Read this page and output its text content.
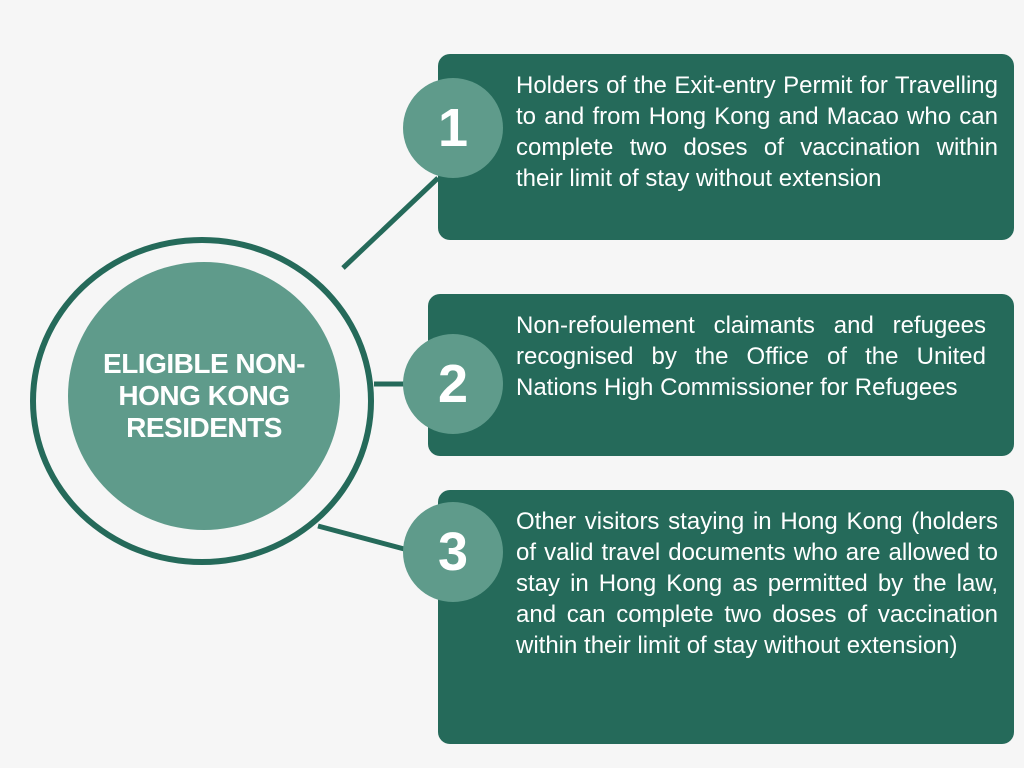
ELIGIBLE NON-HONG KONG RESIDENTS
Holders of the Exit-entry Permit for Travelling to and from Hong Kong and Macao who can complete two doses of vaccination within their limit of stay without extension
1
Non-refoulement claimants and refugees recognised by the Office of the United Nations High Commissioner for Refugees
2
Other visitors staying in Hong Kong (holders of valid travel documents who are allowed to stay in Hong Kong as permitted by the law, and can complete two doses of vaccination within their limit of stay without extension)
3
